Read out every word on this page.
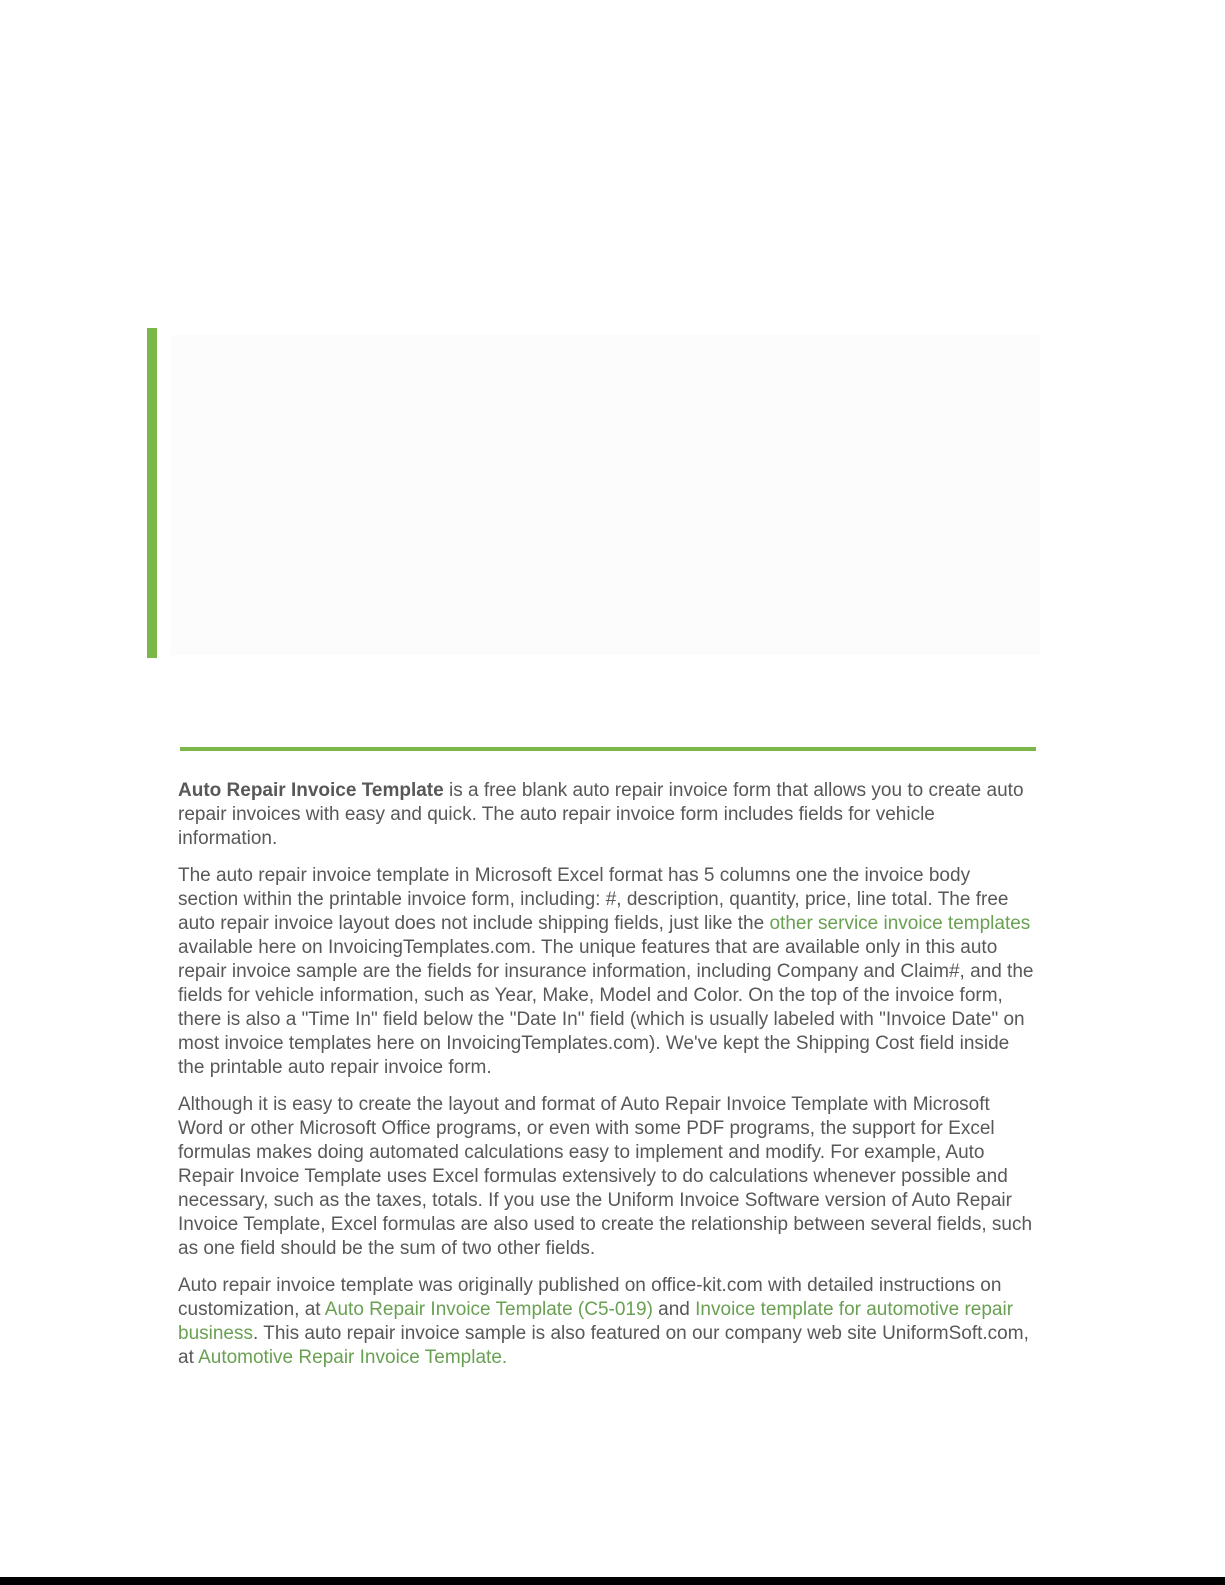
Auto Repair Invoice Template is a free blank auto repair invoice form that allows you to create auto repair invoices with easy and quick. The auto repair invoice form includes fields for vehicle information.

The auto repair invoice template in Microsoft Excel format has 5 columns one the invoice body section within the printable invoice form, including: #, description, quantity, price, line total. The free auto repair invoice layout does not include shipping fields, just like the other service invoice templates available here on InvoicingTemplates.com. The unique features that are available only in this auto repair invoice sample are the fields for insurance information, including Company and Claim#, and the fields for vehicle information, such as Year, Make, Model and Color. On the top of the invoice form, there is also a "Time In" field below the "Date In" field (which is usually labeled with "Invoice Date" on most invoice templates here on InvoicingTemplates.com). We've kept the Shipping Cost field inside the printable auto repair invoice form.

Although it is easy to create the layout and format of Auto Repair Invoice Template with Microsoft Word or other Microsoft Office programs, or even with some PDF programs, the support for Excel formulas makes doing automated calculations easy to implement and modify. For example, Auto Repair Invoice Template uses Excel formulas extensively to do calculations whenever possible and necessary, such as the taxes, totals. If you use the Uniform Invoice Software version of Auto Repair Invoice Template, Excel formulas are also used to create the relationship between several fields, such as one field should be the sum of two other fields.

Auto repair invoice template was originally published on office-kit.com with detailed instructions on customization, at Auto Repair Invoice Template (C5-019) and Invoice template for automotive repair business. This auto repair invoice sample is also featured on our company web site UniformSoft.com, at Automotive Repair Invoice Template.
